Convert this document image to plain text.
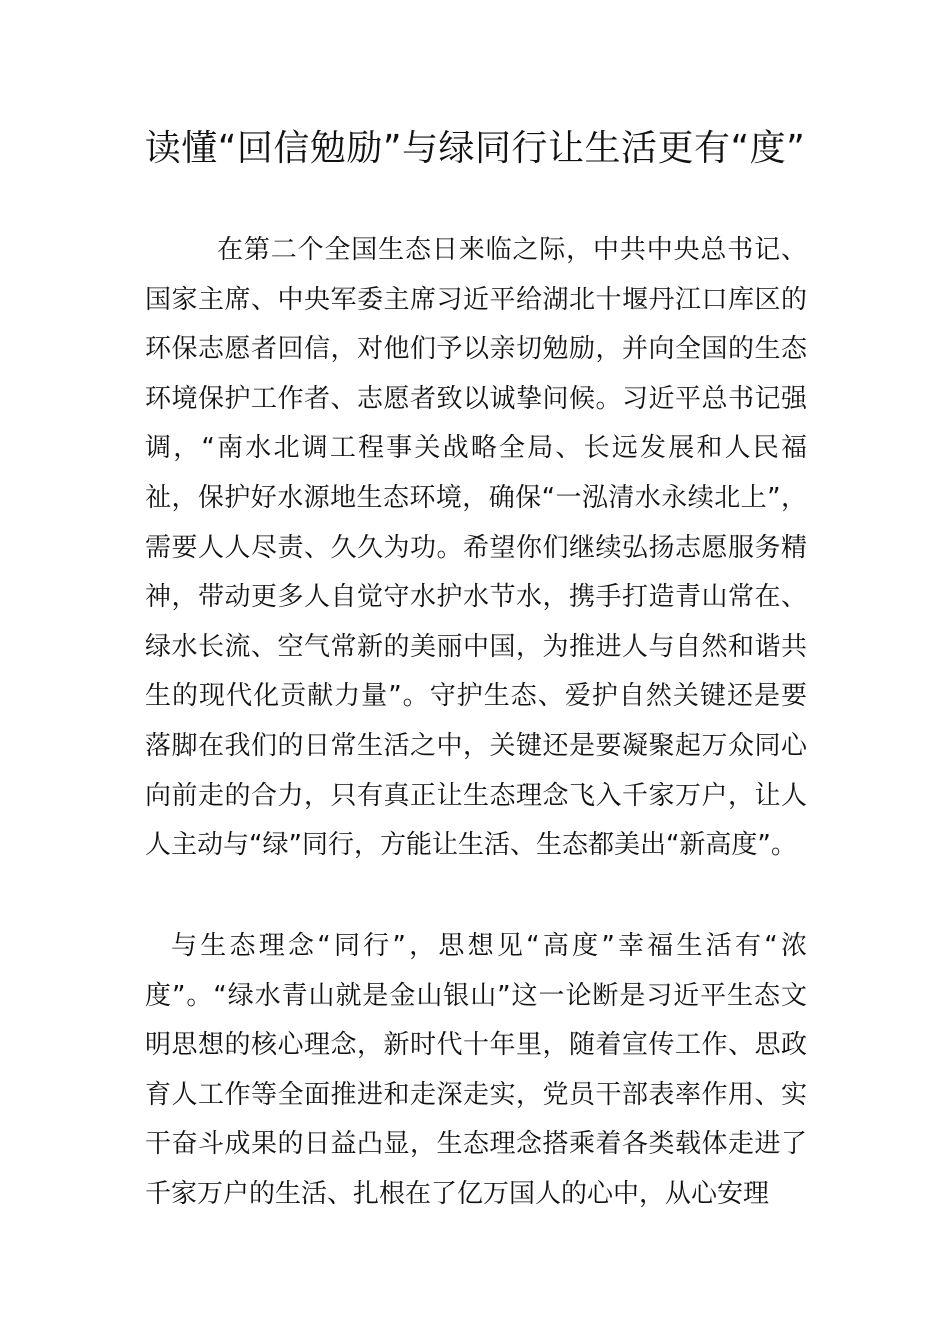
读懂“回信勉励”与绿同行让生活更有“度”

在第二个全国生态日来临之际，中共中央总书记、国家主席、中央军委主席习近平给湖北十堰丹江口库区的环保志愿者回信，对他们予以亲切勉励，并向全国的生态环境保护工作者、志愿者致以诚挚问候。习近平总书记强调，“南水北调工程事关战略全局、长远发展和人民福祉，保护好水源地生态环境，确保“一泓清水永续北上”，需要人人尽责、久久为功。希望你们继续弘扬志愿服务精神，带动更多人自觉守水护水节水，携手打造青山常在、绿水长流、空气常新的美丽中国，为推进人与自然和谐共生的现代化贡献力量”。守护生态、爱护自然关键还是要落脚在我们的日常生活之中，关键还是要凝聚起万众同心向前走的合力，只有真正让生态理念飞入千家万户，让人人主动与“绿”同行，方能让生活、生态都美出“新高度”。

与生态理念“同行”，思想见“高度”幸福生活有“浓度”。“绿水青山就是金山银山”这一论断是习近平生态文明思想的核心理念，新时代十年里，随着宣传工作、思政育人工作等全面推进和走深走实，党员干部表率作用、实干奋斗成果的日益凸显，生态理念搭乘着各类载体走进了千家万户的生活、扎根在了亿万国人的心中，从心安理
